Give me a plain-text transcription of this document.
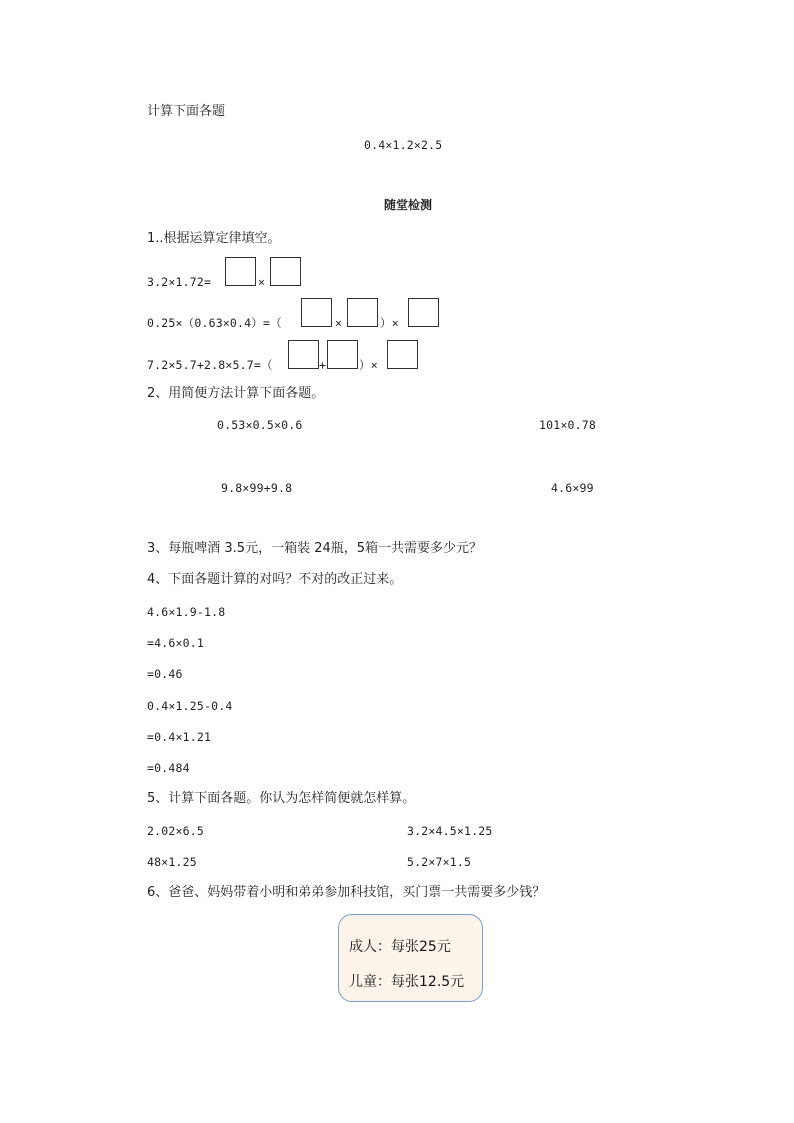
计算下面各题
0.4×1.2×2.5
随堂检测
1..根据运算定律填空。
3.2×1.72=	×
0.25×（0.63×0.4）=（	×	）×
7.2×5.7+2.8×5.7=（	+	）×
2、用简便方法计算下面各题。
0.53×0.5×0.6	101×0.78
9.8×99+9.8	4.6×99
3、每瓶啤酒 3.5元，一箱装 24瓶，5箱一共需要多少元？
4、下面各题计算的对吗？不对的改正过来。
4.6×1.9-1.8
=4.6×0.1
=0.46
0.4×1.25-0.4
=0.4×1.21
=0.484
5、计算下面各题。你认为怎样简便就怎样算。
2.02×6.5	3.2×4.5×1.25
48×1.25	5.2×7×1.5
6、爸爸、妈妈带着小明和弟弟参加科技馆，买门票一共需要多少钱？
成人：每张25元
儿童：每张12.5元
